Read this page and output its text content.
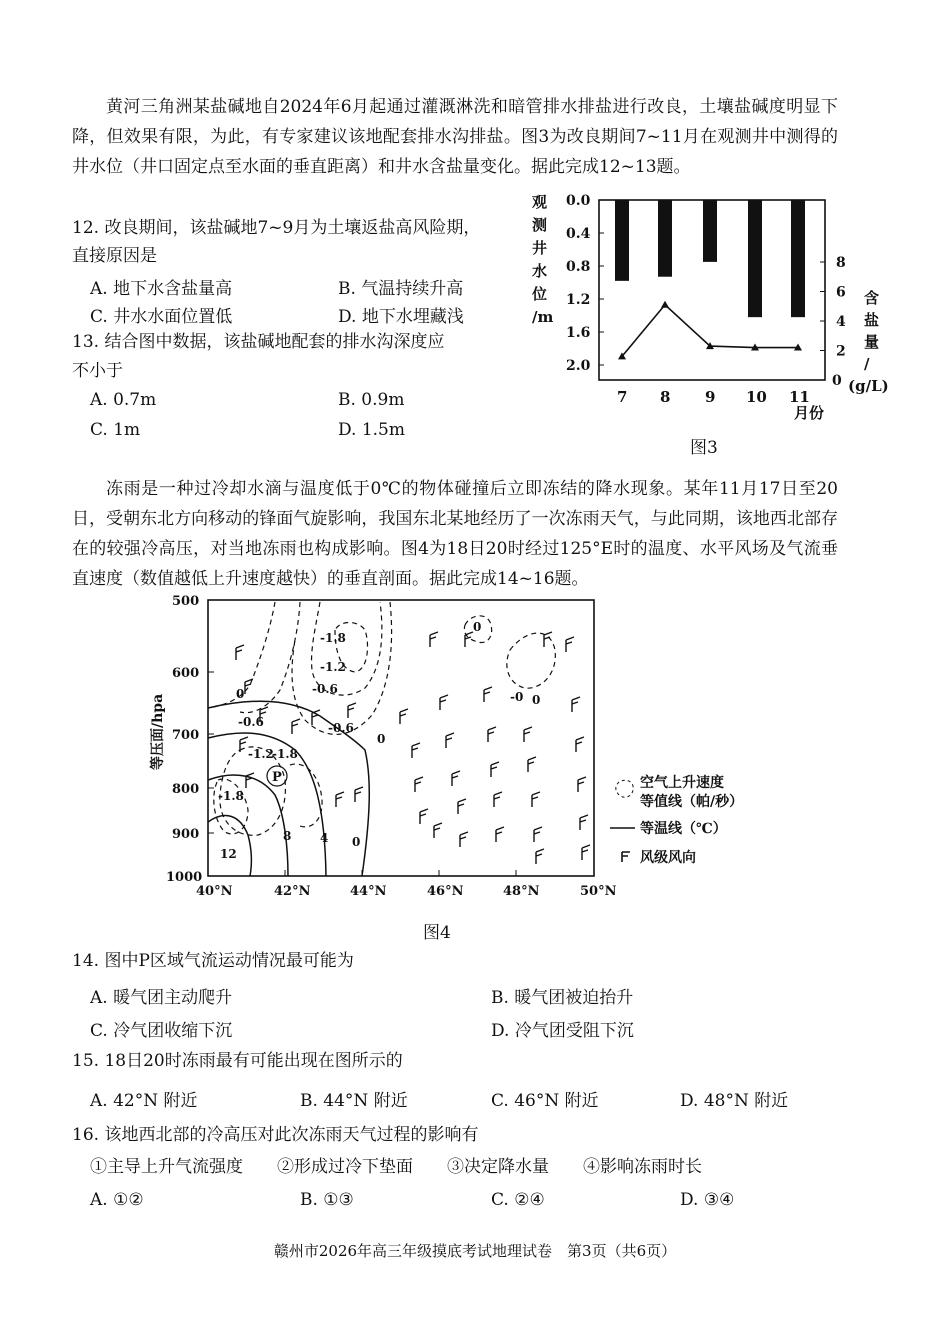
黄河三角洲某盐碱地自2024年6月起通过灌溉淋洗和暗管排水排盐进行改良，土壤盐碱度明显下降，但效果有限，为此，有专家建议该地配套排水沟排盐。图3为改良期间7~11月在观测井中测得的井水位（井口固定点至水面的垂直距离）和井水含盐量变化。据此完成12~13题。
12. 改良期间，该盐碱地7~9月为土壤返盐高风险期，
直接原因是
A. 地下水含盐量高	B. 气温持续升高
C. 井水水面位置低	D. 地下水埋藏浅
13. 结合图中数据，该盐碱地配套的排水沟深度应
不小于
A. 0.7m	B. 0.9m
C. 1m	D. 1.5m
观
测
井
水
位
/m
含
盐
量
/
(g/L)
0.0
0.4
0.8
1.2
1.6
2.0
8
6
4
2
0
7 8 9 10 11
月份
图3
冻雨是一种过冷却水滴与温度低于0℃的物体碰撞后立即冻结的降水现象。某年11月17日至20日，受朝东北方向移动的锋面气旋影响，我国东北某地经历了一次冻雨天气，与此同期，该地西北部存在的较强冷高压，对当地冻雨也构成影响。图4为18日20时经过125°E时的温度、水平风场及气流垂直速度（数值越低上升速度越快）的垂直剖面。据此完成14~16题。
等压面/hpa
500
600
700
800
900
1000
40°N	42°N	44°N	46°N	48°N	50°N
-1.8
-1.2
0	-0.6
-0.6	-0.6
0
-1.2
-1.8
-1.8
P
8 4 0
12
0
-0 0
空气上升速度
等值线（帕/秒）
等温线（℃）
风级风向
图4
14. 图中P区域气流运动情况最可能为
A. 暖气团主动爬升	B. 暖气团被迫抬升
C. 冷气团收缩下沉	D. 冷气团受阻下沉
15. 18日20时冻雨最有可能出现在图所示的
A. 42°N 附近	B. 44°N 附近	C. 46°N 附近	D. 48°N 附近
16. 该地西北部的冷高压对此次冻雨天气过程的影响有
①主导上升气流强度　　②形成过冷下垫面　　③决定降水量　　④影响冻雨时长
A. ①②	B. ①③	C. ②④	D. ③④
赣州市2026年高三年级摸底考试地理试卷　第3页（共6页）
